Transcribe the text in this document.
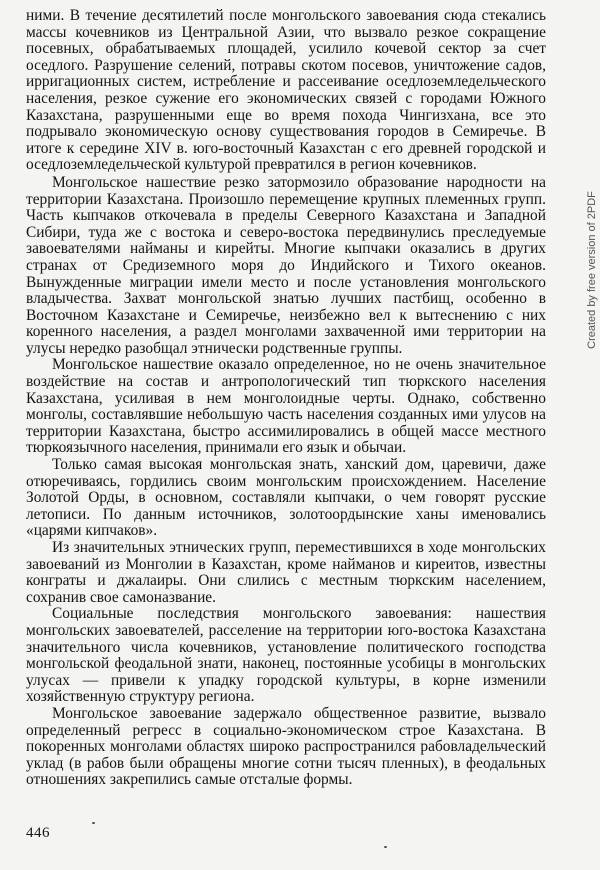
ними. В течение десятилетий после монгольского завоевания сюда стекались массы кочевников из Центральной Азии, что вызвало резкое сокращение посевных, обрабатываемых площадей, усилило кочевой сектор за счет оседлого. Разрушение селений, потравы скотом посевов, уничтожение садов, ирригационных систем, истребление и рассеивание оседлоземледельческого населения, резкое сужение его экономических связей с городами Южного Казахстана, разрушенными еще во время похода Чингизхана, все это подрывало экономическую основу существования городов в Семиречье. В итоге к середине XIV в. юго-восточный Казахстан с его древней городской и оседлоземледельческой культурой превратился в регион кочевников.

Монгольское нашествие резко затормозило образование народности на территории Казахстана. Произошло перемещение крупных племенных групп. Часть кыпчаков откочевала в пределы Северного Казахстана и Западной Сибири, туда же с востока и северо-востока передвинулись преследуемые завоевателями найманы и кирейты. Многие кыпчаки оказались в других странах от Средиземного моря до Индийского и Тихого океанов. Вынужденные миграции имели место и после установления монгольского владычества. Захват монгольской знатью лучших пастбищ, особенно в Восточном Казахстане и Семиречье, неизбежно вел к вытеснению с них коренного населения, а раздел монголами захваченной ими территории на улусы нередко разобщал этнически родственные группы.

Монгольское нашествие оказало определенное, но не очень значительное воздействие на состав и антропологический тип тюркского населения Казахстана, усиливая в нем монголоидные черты. Однако, собственно монголы, составлявшие небольшую часть населения созданных ими улусов на территории Казахстана, быстро ассимилировались в общей массе местного тюркоязычного населения, принимали его язык и обычаи.

Только самая высокая монгольская знать, ханский дом, царевичи, даже отюречиваясь, гордились своим монгольским происхождением. Население Золотой Орды, в основном, составляли кыпчаки, о чем говорят русские летописи. По данным источников, золотоордынские ханы именовались «царями кипчаков».

Из значительных этнических групп, переместившихся в ходе монгольских завоеваний из Монголии в Казахстан, кроме найманов и киреитов, известны конграты и джалаиры. Они слились с местным тюркским населением, сохранив свое самоназвание.

Социальные последствия монгольского завоевания: нашествия монгольских завоевателей, расселение на территории юго-востока Казахстана значительного числа кочевников, установление политического господства монгольской феодальной знати, наконец, постоянные усобицы в монгольских улусах — привели к упадку городской культуры, в корне изменили хозяйственную структуру региона.

Монгольское завоевание задержало общественное развитие, вызвало определенный регресс в социально-экономическом строе Казахстана. В покоренных монголами областях широко распространился рабовладельческий уклад (в рабов были обращены многие сотни тысяч пленных), в феодальных отношениях закрепились самые отсталые формы.

446
Created by free version of 2PDF
